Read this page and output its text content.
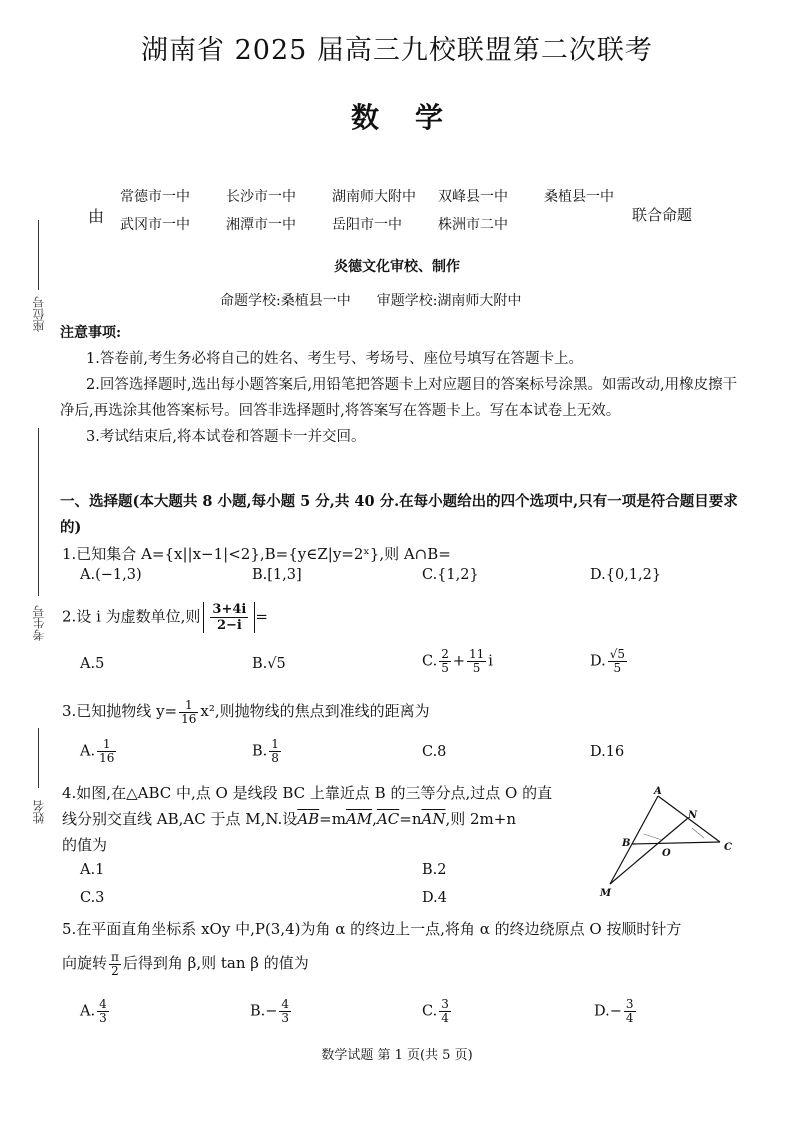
座位号
考生号
姓名
湖南省 2025 届高三九校联盟第二次联考
数学
由
常德市一中	长沙市一中	湖南师大附中 双峰县一中	桑植县一中
武冈市一中	湘潭市一中	岳阳市一中	株洲市二中
联合命题
炎德文化审校、制作
命题学校:桑植县一中 审题学校:湖南师大附中
注意事项:

1.答卷前,考生务必将自己的姓名、考生号、考场号、座位号填写在答题卡上。

2.回答选择题时,选出每小题答案后,用铅笔把答题卡上对应题目的答案标号涂黑。如需改动,用橡皮擦干净后,再选涂其他答案标号。回答非选择题时,将答案写在答题卡上。写在本试卷上无效。

3.考试结束后,将本试卷和答题卡一并交回。

一、选择题(本大题共 8 小题,每小题 5 分,共 40 分.在每小题给出的四个选项中,只有一项是符合题目要求的)
1.已知集合 A={x||x−1|<2},B={y∈Z|y=2ˣ},则 A∩B=
A.(−1,3)	B.[1,3]	C.{1,2}	D.{0,1,2}
2.设 i 为虚数单位,则 $\frac{3+4i}{2-i}$ =
A.5	B.√5	C. $\frac{2}{5} + \frac{11}{5}$ i	D. $\frac{√5}{5}$
3.已知抛物线 $y= \frac{1}{16} x^2$,则抛物线的焦点到准线的距离为
A. $\frac{1}{16}$	B. $\frac{1}{8}$	C.8	D.16
4.如图,在△ABC 中,点 O 是线段 BC 上靠近点 B 的三等分点,过点 O 的直
线分别交直线 AB,AC 于点 M,N.设$\overline{AB}=m\overline{AM},\overline{AC}=n\overline{AN}$,则 2m+n
的值为
A.1	B.2
C.3	D.4
A
B	C
N
O
M
5.在平面直角坐标系 xOy 中,P(3,4)为角 α 的终边上一点,将角 α 的终边绕原点 O 按顺时针方
向旋转 $\frac{\pi}{2}$ 后得到角 β,则 tan β 的值为
A. $\frac{4}{3}$	$B.- \frac{4}{3}$	C. $\frac{3}{4}$	$D.- \frac{3}{4}$
数学试题 第 1 页(共 5 页)
